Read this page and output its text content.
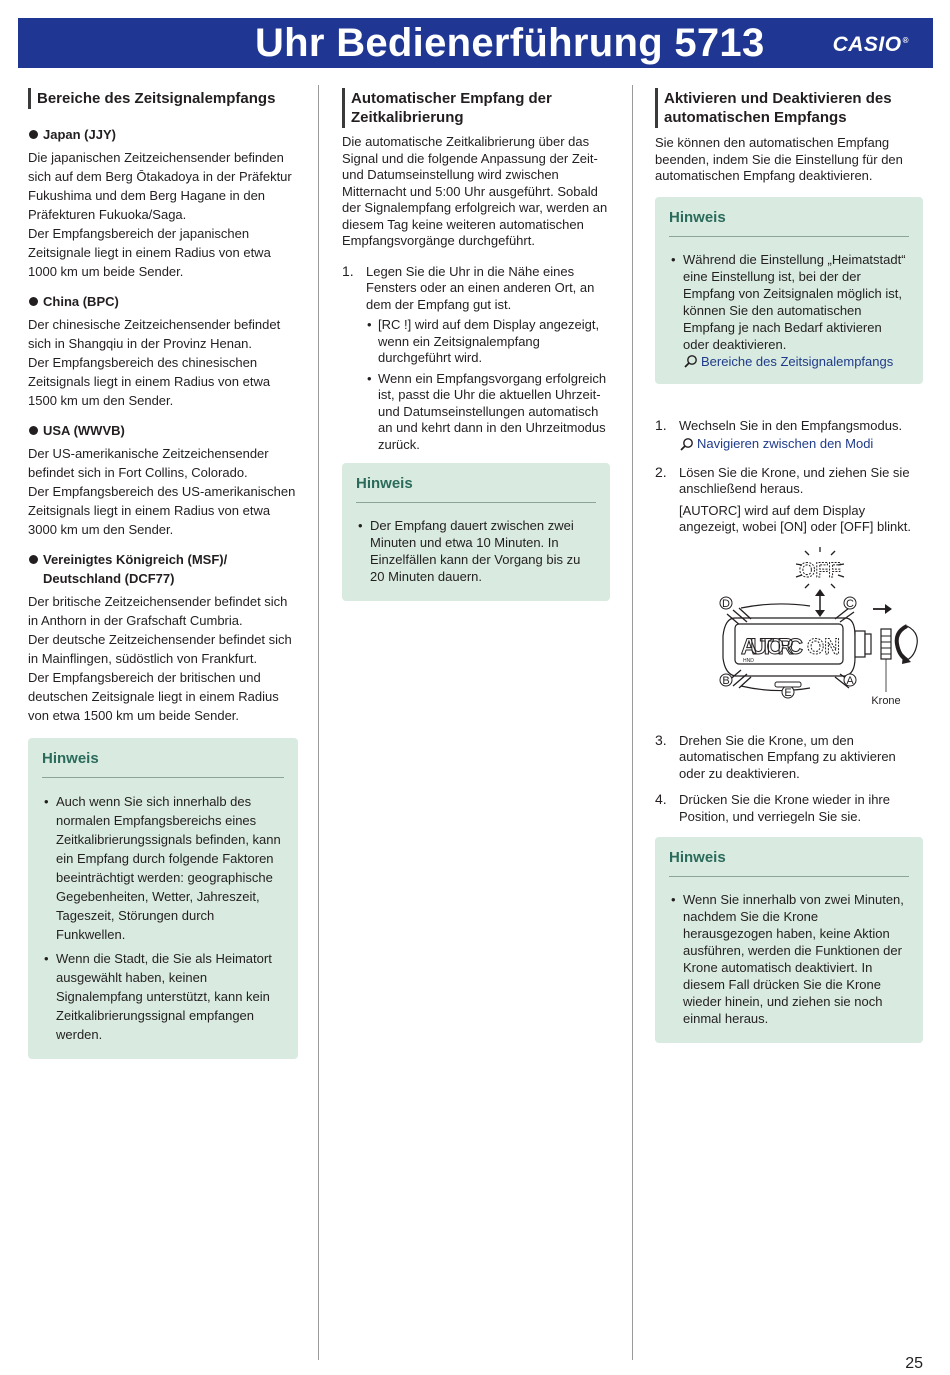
Uhr Bedienerführung 5713	CASIO®
Bereiche des Zeitsignalempfangs
Japan (JJY)

Die japanischen Zeitzeichensender befinden sich auf dem Berg Ōtakadoya in der Präfektur Fukushima und dem Berg Hagane in den Präfekturen Fukuoka/Saga.
Der Empfangsbereich der japanischen Zeitsignale liegt in einem Radius von etwa 1000 km um beide Sender.

China (BPC)

Der chinesische Zeitzeichensender befindet sich in Shangqiu in der Provinz Henan.
Der Empfangsbereich des chinesischen Zeitsignals liegt in einem Radius von etwa 1500 km um den Sender.

USA (WWVB)

Der US-amerikanische Zeitzeichensender befindet sich in Fort Collins, Colorado.
Der Empfangsbereich des US-amerikanischen Zeitsignals liegt in einem Radius von etwa 3000 km um den Sender.

Vereinigtes Königreich (MSF)/
Deutschland (DCF77)

Der britische Zeitzeichensender befindet sich in Anthorn in der Grafschaft Cumbria.
Der deutsche Zeitzeichensender befindet sich in Mainflingen, südöstlich von Frankfurt.
Der Empfangsbereich der britischen und deutschen Zeitsignale liegt in einem Radius von etwa 1500 km um beide Sender.

Hinweis
• Auch wenn Sie sich innerhalb des normalen Empfangsbereichs eines Zeitkalibrierungssignals befinden, kann ein Empfang durch folgende Faktoren beeinträchtigt werden: geographische Gegebenheiten, Wetter, Jahreszeit, Tageszeit, Störungen durch Funkwellen.
• Wenn die Stadt, die Sie als Heimatort ausgewählt haben, keinen Signalempfang unterstützt, kann kein Zeitkalibrierungssignal empfangen werden.
Automatischer Empfang der Zeitkalibrierung

Die automatische Zeitkalibrierung über das Signal und die folgende Anpassung der Zeit- und Datumseinstellung wird zwischen Mitternacht und 5:00 Uhr ausgeführt. Sobald der Signalempfang erfolgreich war, werden an diesem Tag keine weiteren automatischen Empfangsvorgänge durchgeführt.

1. Legen Sie die Uhr in die Nähe eines Fensters oder an einen anderen Ort, an dem der Empfang gut ist.
• [RC !] wird auf dem Display angezeigt, wenn ein Zeitsignalempfang durchgeführt wird.
• Wenn ein Empfangsvorgang erfolgreich ist, passt die Uhr die aktuellen Uhrzeit- und Datumseinstellungen automatisch an und kehrt dann in den Uhrzeitmodus zurück.
Hinweis
• Der Empfang dauert zwischen zwei Minuten und etwa 10 Minuten. In Einzelfällen kann der Vorgang bis zu 20 Minuten dauern.
Aktivieren und Deaktivieren des automatischen Empfangs

Sie können den automatischen Empfang beenden, indem Sie die Einstellung für den automatischen Empfang deaktivieren.

Hinweis
• Während die Einstellung „Heimatstadt“ eine Einstellung ist, bei der der Empfang von Zeitsignalen möglich ist, können Sie den automatischen Empfang je nach Bedarf aktivieren oder deaktivieren.
Bereiche des Zeitsignalempfangs
1. Wechseln Sie in den Empfangsmodus.
Navigieren zwischen den Modi
2. Lösen Sie die Krone, und ziehen Sie sie anschließend heraus.
[AUTORC] wird auf dem Display angezeigt, wobei [ON] oder [OFF] blinkt.
OFF
AUTORC ON
HND
D	C
B
E
A
Krone
3. Drehen Sie die Krone, um den automatischen Empfang zu aktivieren oder zu deaktivieren.
4. Drücken Sie die Krone wieder in ihre Position, und verriegeln Sie sie.
Hinweis
• Wenn Sie innerhalb von zwei Minuten, nachdem Sie die Krone herausgezogen haben, keine Aktion ausführen, werden die Funktionen der Krone automatisch deaktiviert. In diesem Fall drücken Sie die Krone wieder hinein, und ziehen sie noch einmal heraus.
25
